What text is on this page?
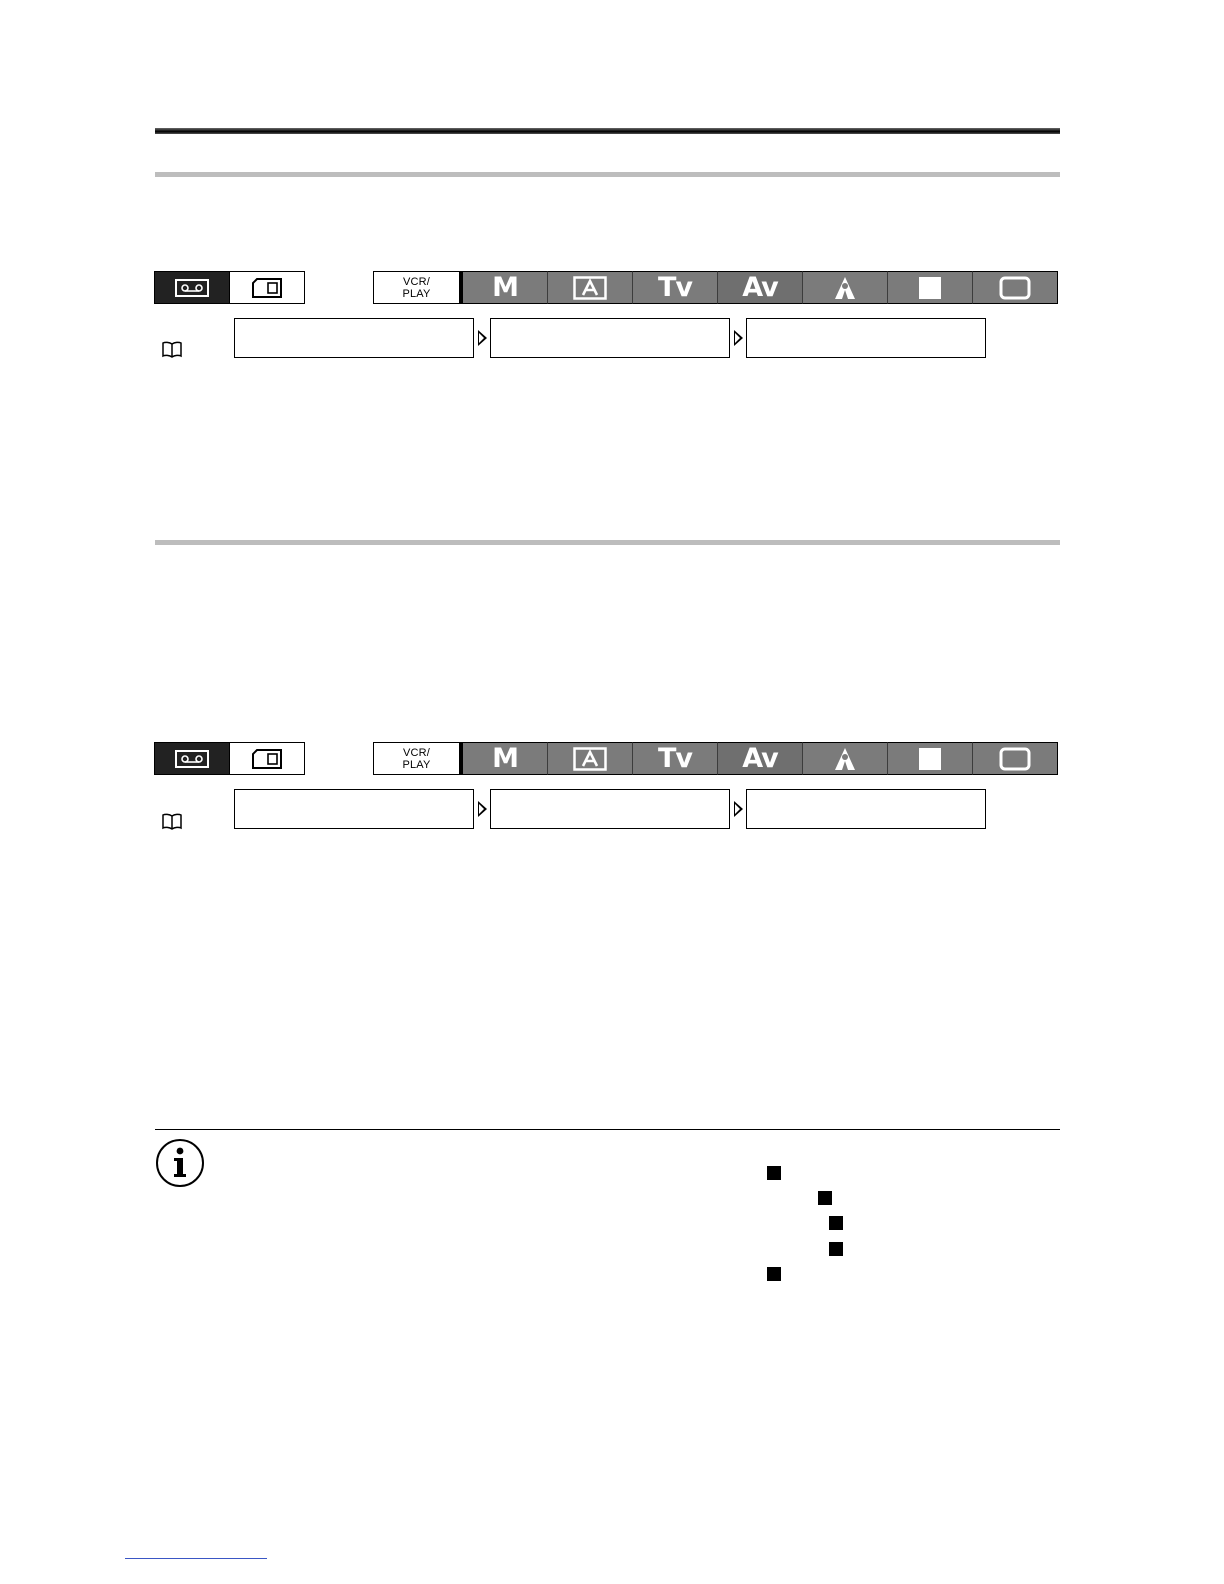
VCR/
PLAY M	Tv Av
VCR/
PLAY M	Tv Av
